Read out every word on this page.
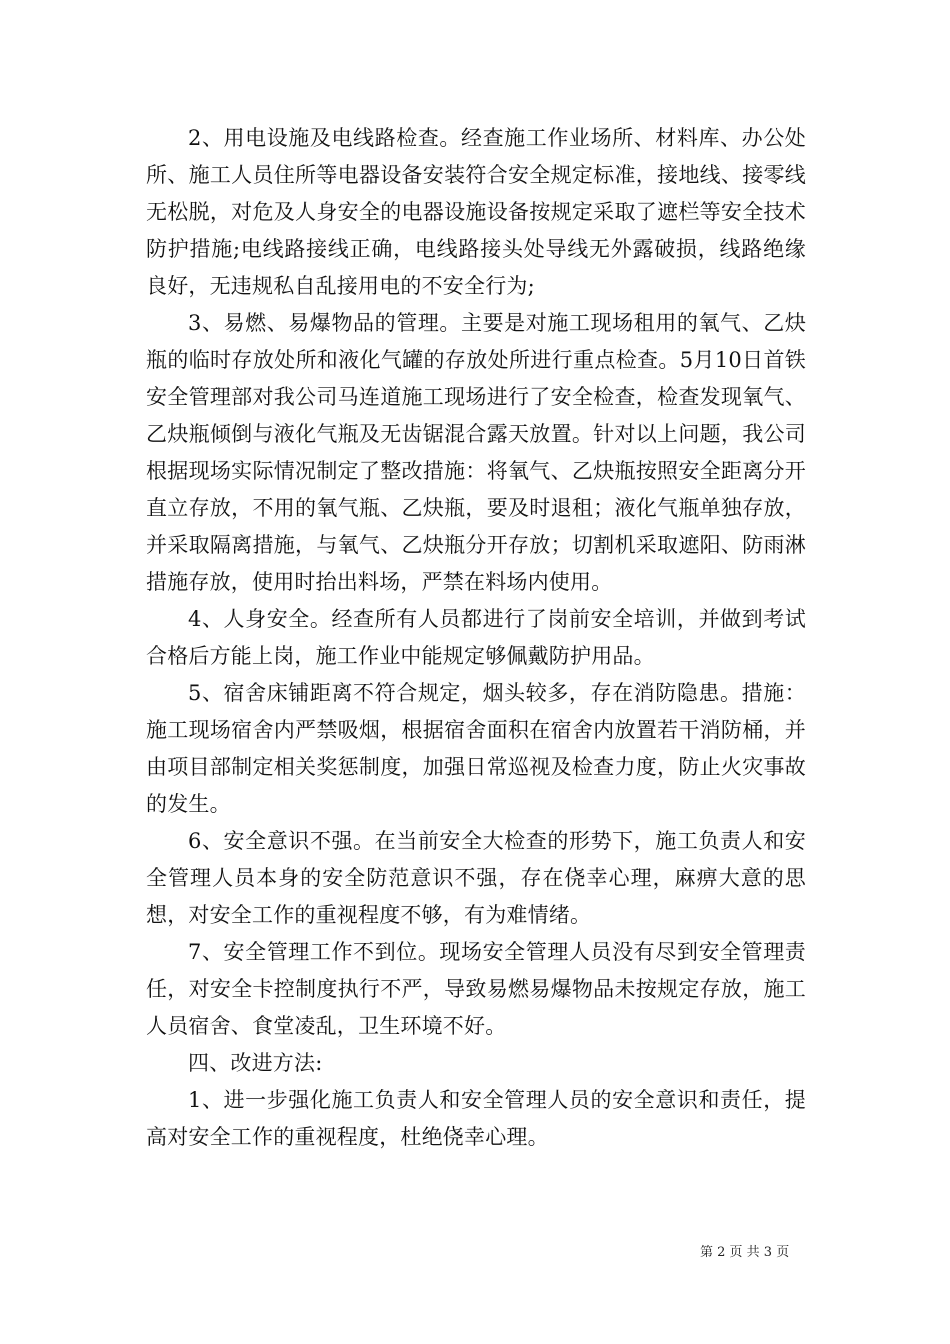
2、用电设施及电线路检查。经查施工作业场所、材料库、办公处所、施工人员住所等电器设备安装符合安全规定标准，接地线、接零线无松脱，对危及人身安全的电器设施设备按规定采取了遮栏等安全技术防护措施;电线路接线正确，电线路接头处导线无外露破损，线路绝缘良好，无违规私自乱接用电的不安全行为;

3、易燃、易爆物品的管理。主要是对施工现场租用的氧气、乙炔瓶的临时存放处所和液化气罐的存放处所进行重点检查。5月10日首铁安全管理部对我公司马连道施工现场进行了安全检查，检查发现氧气、乙炔瓶倾倒与液化气瓶及无齿锯混合露天放置。针对以上问题，我公司根据现场实际情况制定了整改措施：将氧气、乙炔瓶按照安全距离分开直立存放，不用的氧气瓶、乙炔瓶，要及时退租；液化气瓶单独存放，并采取隔离措施，与氧气、乙炔瓶分开存放；切割机采取遮阳、防雨淋措施存放，使用时抬出料场，严禁在料场内使用。

4、人身安全。经查所有人员都进行了岗前安全培训，并做到考试合格后方能上岗，施工作业中能规定够佩戴防护用品。

5、宿舍床铺距离不符合规定，烟头较多，存在消防隐患。措施：施工现场宿舍内严禁吸烟，根据宿舍面积在宿舍内放置若干消防桶，并由项目部制定相关奖惩制度，加强日常巡视及检查力度，防止火灾事故的发生。

6、安全意识不强。在当前安全大检查的形势下，施工负责人和安全管理人员本身的安全防范意识不强，存在侥幸心理，麻痹大意的思想，对安全工作的重视程度不够，有为难情绪。

7、安全管理工作不到位。现场安全管理人员没有尽到安全管理责任，对安全卡控制度执行不严，导致易燃易爆物品未按规定存放，施工人员宿舍、食堂凌乱，卫生环境不好。

四、改进方法:

1、进一步强化施工负责人和安全管理人员的安全意识和责任，提高对安全工作的重视程度，杜绝侥幸心理。

第 2 页 共 3 页
